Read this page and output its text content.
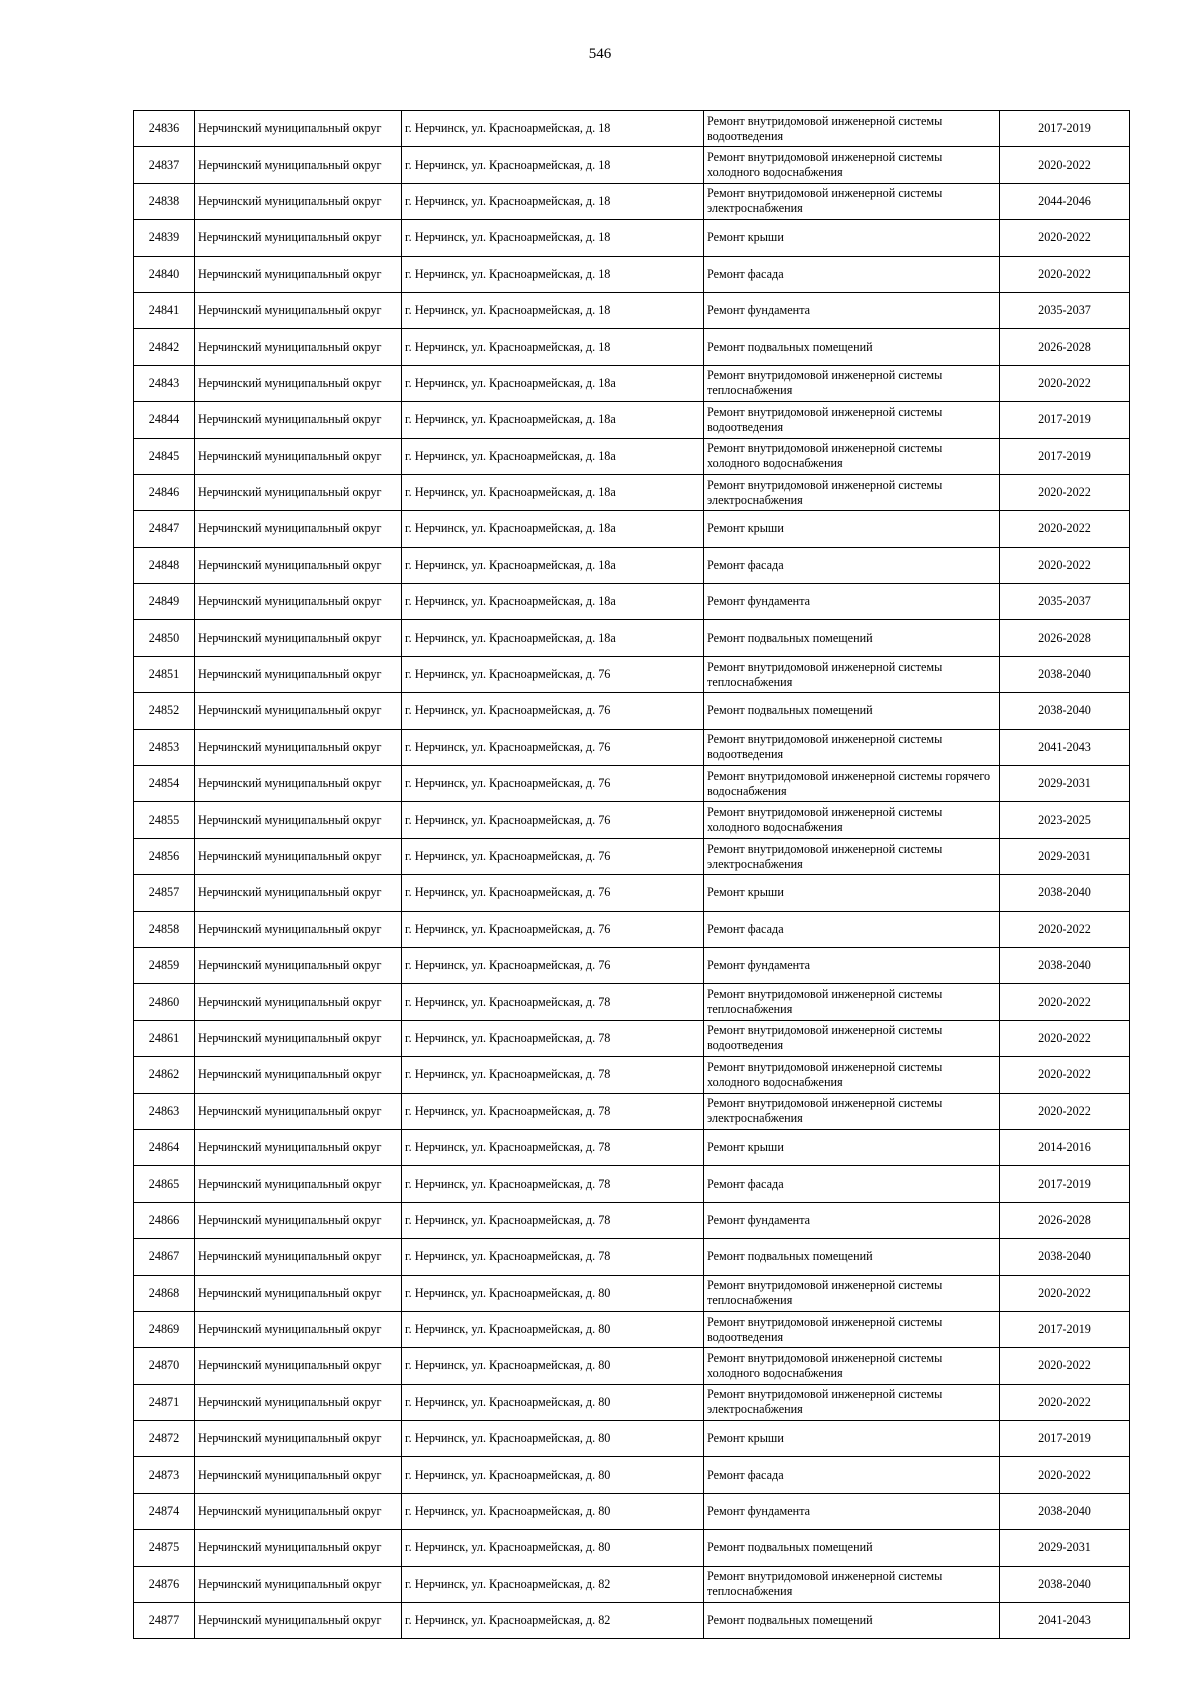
546
24836	Нерчинский муниципальный округ	г. Нерчинск, ул. Красноармейская, д. 18	Ремонт внутридомовой инженерной системы водоотведения	2017-2019
24837	Нерчинский муниципальный округ	г. Нерчинск, ул. Красноармейская, д. 18	Ремонт внутридомовой инженерной системы холодного водоснабжения	2020-2022
24838	Нерчинский муниципальный округ	г. Нерчинск, ул. Красноармейская, д. 18	Ремонт внутридомовой инженерной системы электроснабжения	2044-2046
24839	Нерчинский муниципальный округ	г. Нерчинск, ул. Красноармейская, д. 18	Ремонт крыши	2020-2022
24840	Нерчинский муниципальный округ	г. Нерчинск, ул. Красноармейская, д. 18	Ремонт фасада	2020-2022
24841	Нерчинский муниципальный округ	г. Нерчинск, ул. Красноармейская, д. 18	Ремонт фундамента	2035-2037
24842	Нерчинский муниципальный округ	г. Нерчинск, ул. Красноармейская, д. 18	Ремонт подвальных помещений	2026-2028
24843	Нерчинский муниципальный округ	г. Нерчинск, ул. Красноармейская, д. 18а	Ремонт внутридомовой инженерной системы теплоснабжения	2020-2022
24844	Нерчинский муниципальный округ	г. Нерчинск, ул. Красноармейская, д. 18а	Ремонт внутридомовой инженерной системы водоотведения	2017-2019
24845	Нерчинский муниципальный округ	г. Нерчинск, ул. Красноармейская, д. 18а	Ремонт внутридомовой инженерной системы холодного водоснабжения	2017-2019
24846	Нерчинский муниципальный округ	г. Нерчинск, ул. Красноармейская, д. 18а	Ремонт внутридомовой инженерной системы электроснабжения	2020-2022
24847	Нерчинский муниципальный округ	г. Нерчинск, ул. Красноармейская, д. 18а	Ремонт крыши	2020-2022
24848	Нерчинский муниципальный округ	г. Нерчинск, ул. Красноармейская, д. 18а	Ремонт фасада	2020-2022
24849	Нерчинский муниципальный округ	г. Нерчинск, ул. Красноармейская, д. 18а	Ремонт фундамента	2035-2037
24850	Нерчинский муниципальный округ	г. Нерчинск, ул. Красноармейская, д. 18а	Ремонт подвальных помещений	2026-2028
24851	Нерчинский муниципальный округ	г. Нерчинск, ул. Красноармейская, д. 76	Ремонт внутридомовой инженерной системы теплоснабжения	2038-2040
24852	Нерчинский муниципальный округ	г. Нерчинск, ул. Красноармейская, д. 76	Ремонт подвальных помещений	2038-2040
24853	Нерчинский муниципальный округ	г. Нерчинск, ул. Красноармейская, д. 76	Ремонт внутридомовой инженерной системы водоотведения	2041-2043
24854	Нерчинский муниципальный округ	г. Нерчинск, ул. Красноармейская, д. 76	Ремонт внутридомовой инженерной системы горячего водоснабжения	2029-2031
24855	Нерчинский муниципальный округ	г. Нерчинск, ул. Красноармейская, д. 76	Ремонт внутридомовой инженерной системы холодного водоснабжения	2023-2025
24856	Нерчинский муниципальный округ	г. Нерчинск, ул. Красноармейская, д. 76	Ремонт внутридомовой инженерной системы электроснабжения	2029-2031
24857	Нерчинский муниципальный округ	г. Нерчинск, ул. Красноармейская, д. 76	Ремонт крыши	2038-2040
24858	Нерчинский муниципальный округ	г. Нерчинск, ул. Красноармейская, д. 76	Ремонт фасада	2020-2022
24859	Нерчинский муниципальный округ	г. Нерчинск, ул. Красноармейская, д. 76	Ремонт фундамента	2038-2040
24860	Нерчинский муниципальный округ	г. Нерчинск, ул. Красноармейская, д. 78	Ремонт внутридомовой инженерной системы теплоснабжения	2020-2022
24861	Нерчинский муниципальный округ	г. Нерчинск, ул. Красноармейская, д. 78	Ремонт внутридомовой инженерной системы водоотведения	2020-2022
24862	Нерчинский муниципальный округ	г. Нерчинск, ул. Красноармейская, д. 78	Ремонт внутридомовой инженерной системы холодного водоснабжения	2020-2022
24863	Нерчинский муниципальный округ	г. Нерчинск, ул. Красноармейская, д. 78	Ремонт внутридомовой инженерной системы электроснабжения	2020-2022
24864	Нерчинский муниципальный округ	г. Нерчинск, ул. Красноармейская, д. 78	Ремонт крыши	2014-2016
24865	Нерчинский муниципальный округ	г. Нерчинск, ул. Красноармейская, д. 78	Ремонт фасада	2017-2019
24866	Нерчинский муниципальный округ	г. Нерчинск, ул. Красноармейская, д. 78	Ремонт фундамента	2026-2028
24867	Нерчинский муниципальный округ	г. Нерчинск, ул. Красноармейская, д. 78	Ремонт подвальных помещений	2038-2040
24868	Нерчинский муниципальный округ	г. Нерчинск, ул. Красноармейская, д. 80	Ремонт внутридомовой инженерной системы теплоснабжения	2020-2022
24869	Нерчинский муниципальный округ	г. Нерчинск, ул. Красноармейская, д. 80	Ремонт внутридомовой инженерной системы водоотведения	2017-2019
24870	Нерчинский муниципальный округ	г. Нерчинск, ул. Красноармейская, д. 80	Ремонт внутридомовой инженерной системы холодного водоснабжения	2020-2022
24871	Нерчинский муниципальный округ	г. Нерчинск, ул. Красноармейская, д. 80	Ремонт внутридомовой инженерной системы электроснабжения	2020-2022
24872	Нерчинский муниципальный округ	г. Нерчинск, ул. Красноармейская, д. 80	Ремонт крыши	2017-2019
24873	Нерчинский муниципальный округ	г. Нерчинск, ул. Красноармейская, д. 80	Ремонт фасада	2020-2022
24874	Нерчинский муниципальный округ	г. Нерчинск, ул. Красноармейская, д. 80	Ремонт фундамента	2038-2040
24875	Нерчинский муниципальный округ	г. Нерчинск, ул. Красноармейская, д. 80	Ремонт подвальных помещений	2029-2031
24876	Нерчинский муниципальный округ	г. Нерчинск, ул. Красноармейская, д. 82	Ремонт внутридомовой инженерной системы теплоснабжения	2038-2040
24877	Нерчинский муниципальный округ	г. Нерчинск, ул. Красноармейская, д. 82	Ремонт подвальных помещений	2041-2043
